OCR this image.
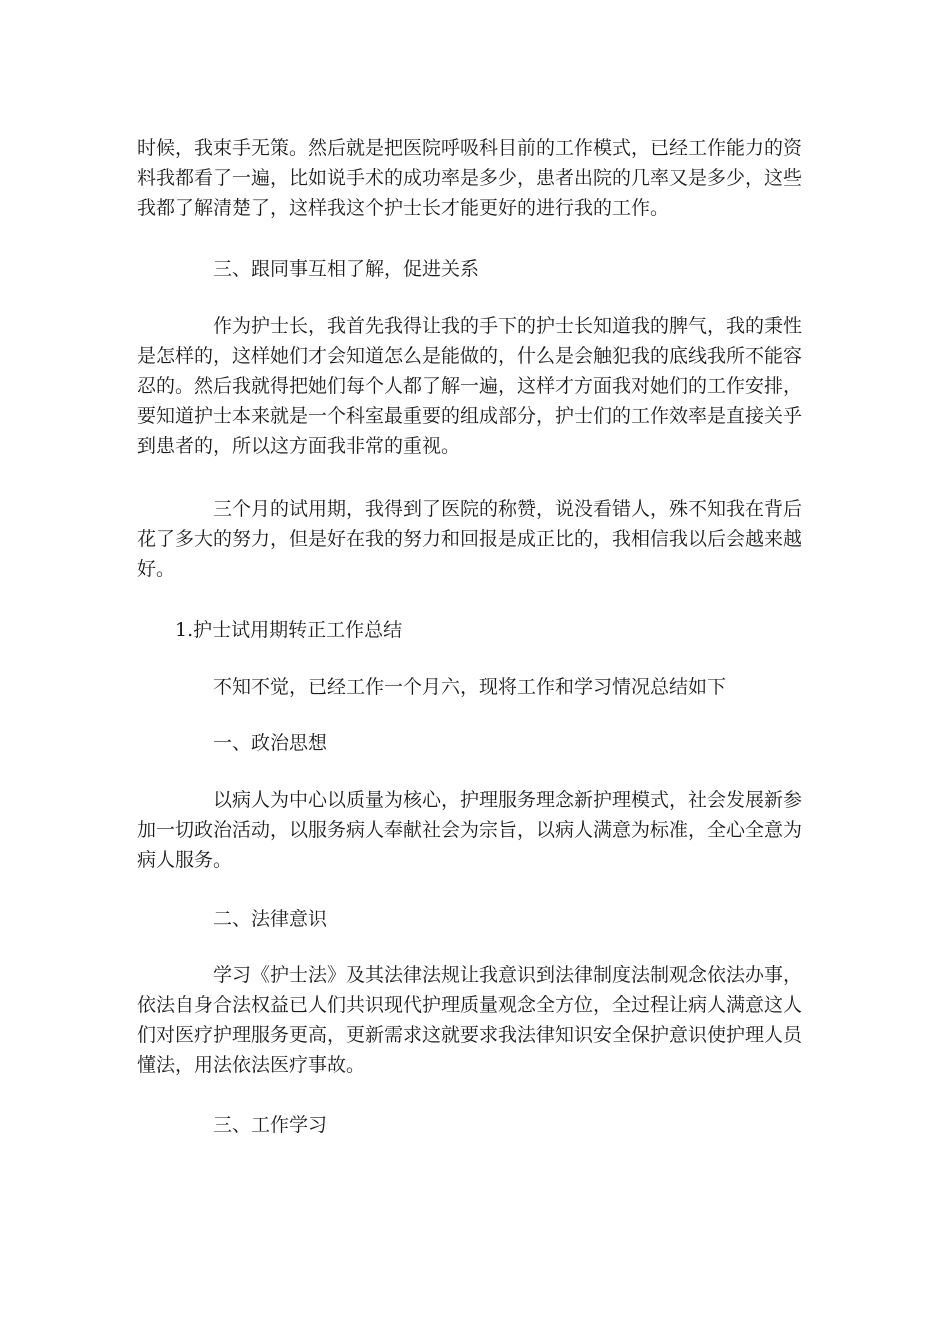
时候，我束手无策。然后就是把医院呼吸科目前的工作模式，已经工作能力的资
料我都看了一遍，比如说手术的成功率是多少，患者出院的几率又是多少，这些
我都了解清楚了，这样我这个护士长才能更好的进行我的工作。
三、跟同事互相了解，促进关系
作为护士长，我首先我得让我的手下的护士长知道我的脾气，我的秉性
是怎样的，这样她们才会知道怎么是能做的，什么是会触犯我的底线我所不能容
忍的。然后我就得把她们每个人都了解一遍，这样才方面我对她们的工作安排，
要知道护士本来就是一个科室最重要的组成部分，护士们的工作效率是直接关乎
到患者的，所以这方面我非常的重视。
三个月的试用期，我得到了医院的称赞，说没看错人，殊不知我在背后
花了多大的努力，但是好在我的努力和回报是成正比的，我相信我以后会越来越
好。
1.护士试用期转正工作总结
不知不觉，已经工作一个月六，现将工作和学习情况总结如下
一、政治思想
以病人为中心以质量为核心，护理服务理念新护理模式，社会发展新参
加一切政治活动，以服务病人奉献社会为宗旨，以病人满意为标准，全心全意为
病人服务。
二、法律意识
学习《护士法》及其法律法规让我意识到法律制度法制观念依法办事，
依法自身合法权益已人们共识现代护理质量观念全方位，全过程让病人满意这人
们对医疗护理服务更高，更新需求这就要求我法律知识安全保护意识使护理人员
懂法，用法依法医疗事故。
三、工作学习
